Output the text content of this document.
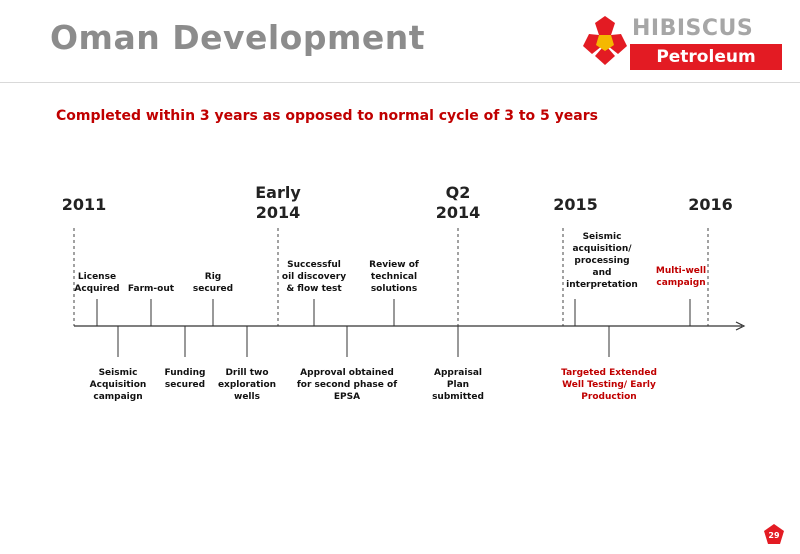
Oman Development	HIBISCUS
Petroleum
Completed within 3 years as opposed to normal cycle of 3 to 5 years
2011
Early
2014
Q2
2014	2015	2016
License
Acquired Farm-out
Rig
secured
Successful
oil discovery
& flow test
Review of
technical
solutions
Seismic
acquisition/
processing
and
interpretation
Multi-well
campaign
Seismic
Acquisition
campaign
Funding
secured
Drill two
exploration
wells
Approval obtained
for second phase of
EPSA
Appraisal
Plan
submitted
Targeted Extended
Well Testing/ Early
Production
29
